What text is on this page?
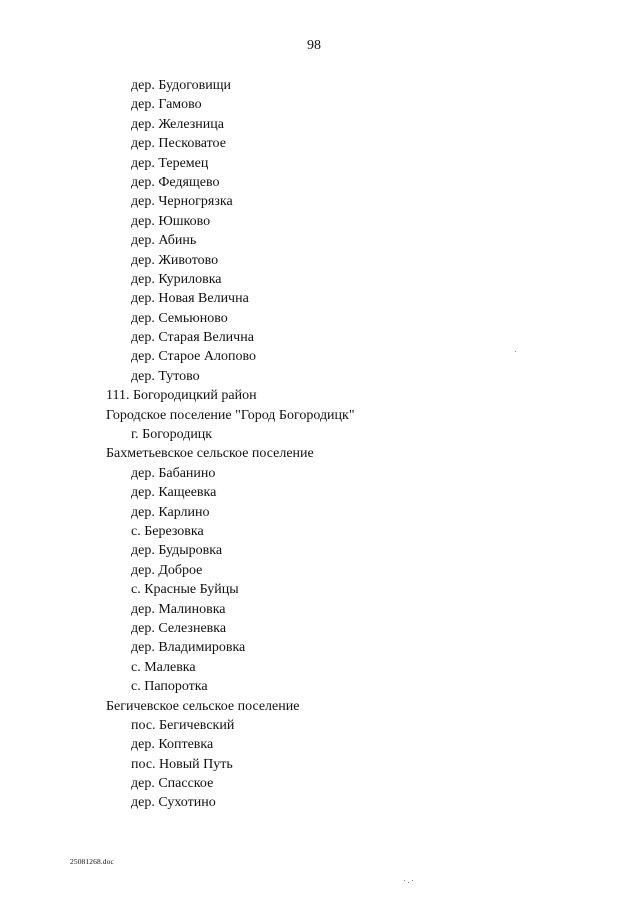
98
дер. Будоговищи
дер. Гамово
дер. Железница
дер. Песковатое
дер. Теремец
дер. Федящево
дер. Черногрязка
дер. Юшково
дер. Абинь
дер. Животово
дер. Куриловка
дер. Новая Велична
дер. Семьюново
дер. Старая Велична
дер. Старое Алопово
дер. Тутово
111. Богородицкий район
Городское поселение "Город Богородицк"
г. Богородицк
Бахметьевское сельское поселение
дер. Бабанино
дер. Кащеевка
дер. Карлино
с. Березовка
дер. Будыровка
дер. Доброе
с. Красные Буйцы
дер. Малиновка
дер. Селезневка
дер. Владимировка
с. Малевка
с. Папоротка
Бегичевское сельское поселение
пос. Бегичевский
дер. Коптевка
пос. Новый Путь
дер. Спасское
дер. Сухотино
25081268.doc
